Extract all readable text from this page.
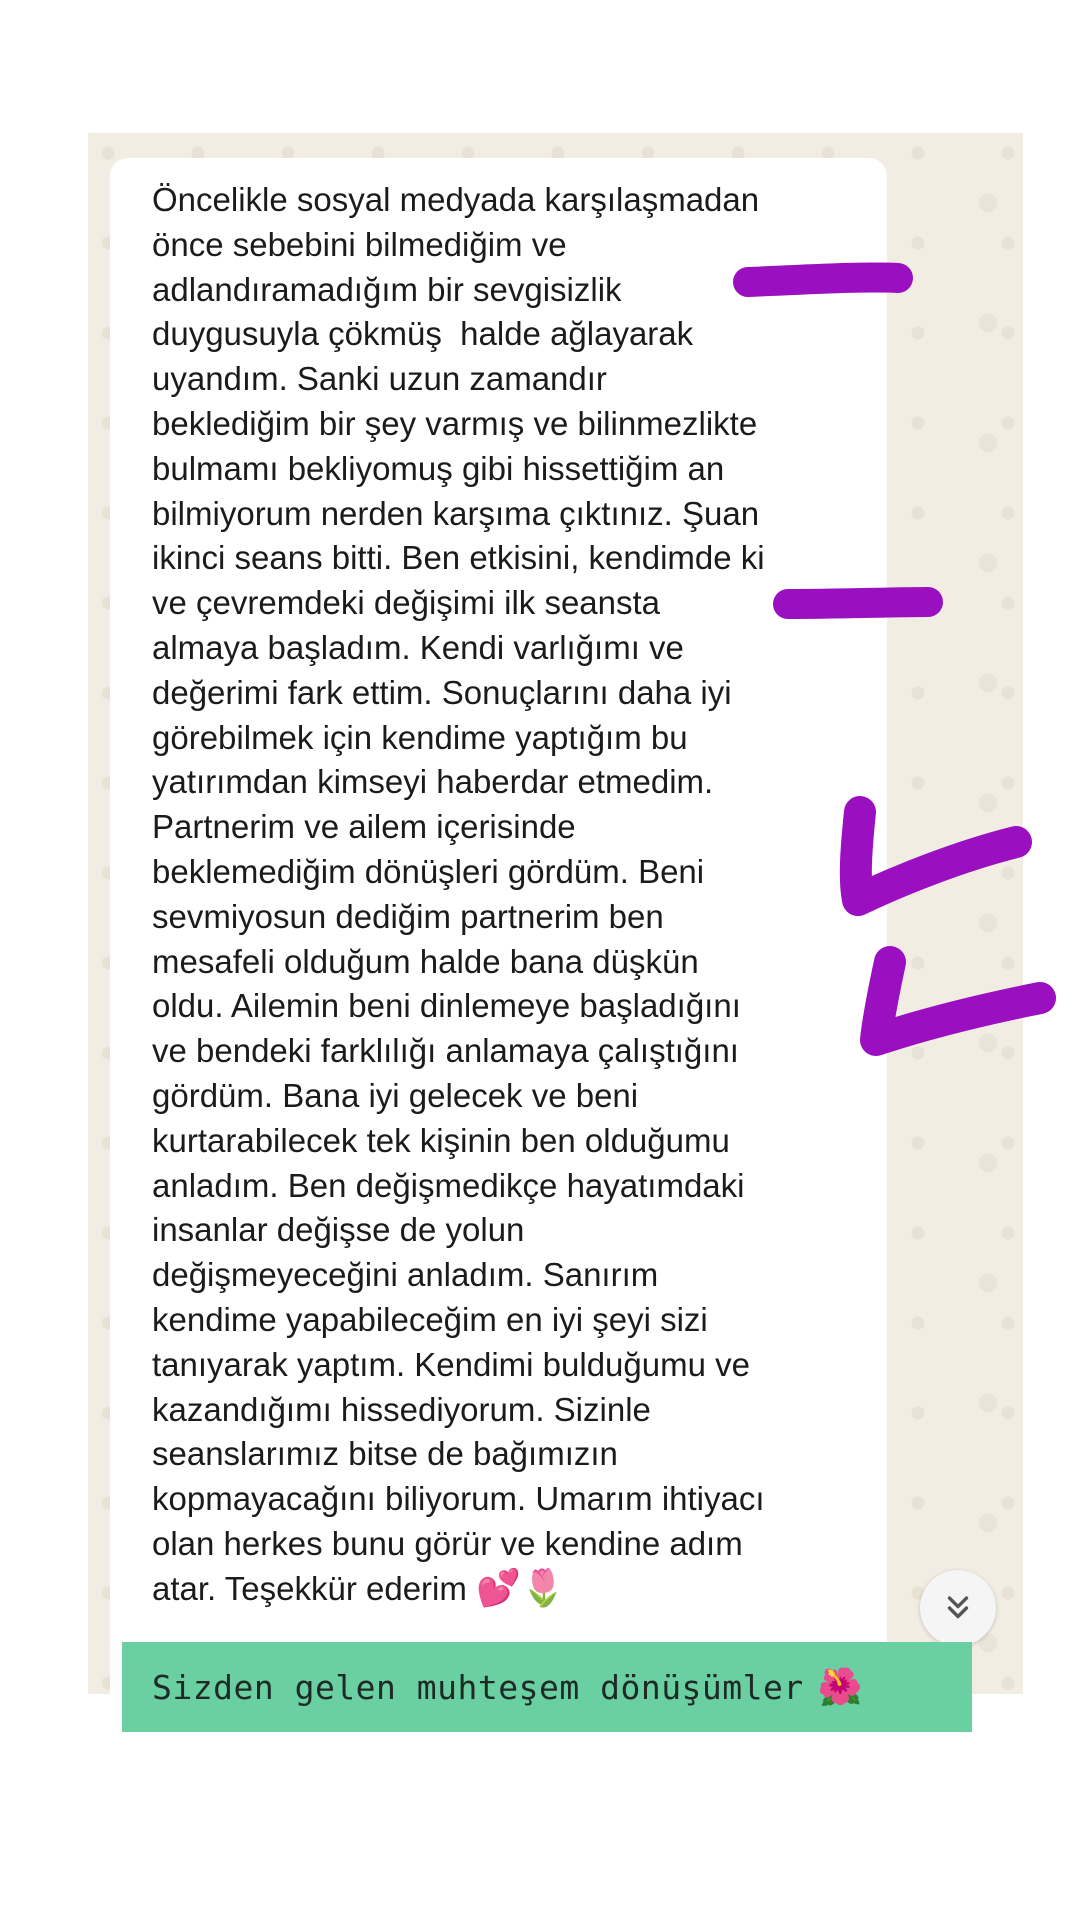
Öncelikle sosyal medyada karşılaşmadan
önce sebebini bilmediğim ve
adlandıramadığım bir sevgisizlik
duygusuyla çökmüş  halde ağlayarak
uyandım. Sanki uzun zamandır
beklediğim bir şey varmış ve bilinmezlikte
bulmamı bekliyomuş gibi hissettiğim an
bilmiyorum nerden karşıma çıktınız. Şuan
ikinci seans bitti. Ben etkisini, kendimde ki
ve çevremdeki değişimi ilk seansta
almaya başladım. Kendi varlığımı ve
değerimi fark ettim. Sonuçlarını daha iyi
görebilmek için kendime yaptığım bu
yatırımdan kimseyi haberdar etmedim.
Partnerim ve ailem içerisinde
beklemediğim dönüşleri gördüm. Beni
sevmiyosun dediğim partnerim ben
mesafeli olduğum halde bana düşkün
oldu. Ailemin beni dinlemeye başladığını
ve bendeki farklılığı anlamaya çalıştığını
gördüm. Bana iyi gelecek ve beni
kurtarabilecek tek kişinin ben olduğumu
anladım. Ben değişmedikçe hayatımdaki
insanlar değişse de yolun
değişmeyeceğini anladım. Sanırım
kendime yapabileceğim en iyi şeyi sizi
tanıyarak yaptım. Kendimi bulduğumu ve
kazandığımı hissediyorum. Sizinle
seanslarımız bitse de bağımızın
kopmayacağını biliyorum. Umarım ihtiyacı
olan herkes bunu görür ve kendine adım
atar. Teşekkür ederim 💕🌷

Sizden gelen muhteşem dönüşümler 🌺
